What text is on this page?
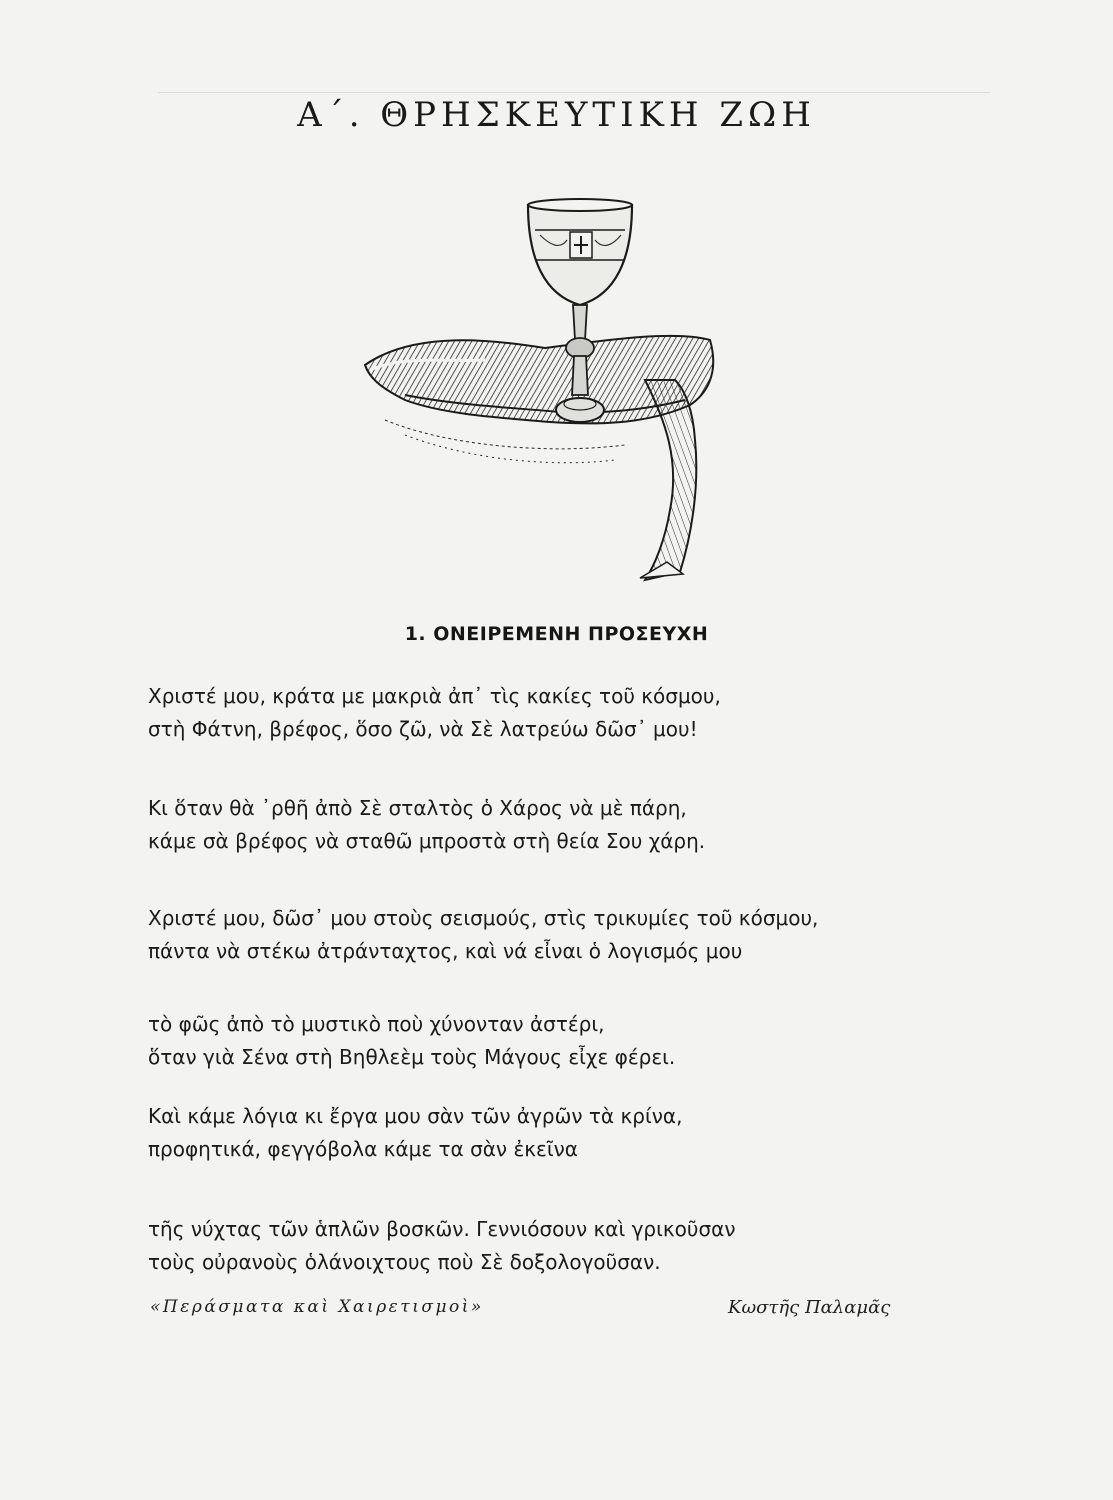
Α΄. ΘΡΗΣΚΕΥΤΙΚΗ ΖΩΗ
1. ΟΝΕΙΡΕΜΕΝΗ ΠΡΟΣΕΥΧΗ
Χριστέ μου, κράτα με μακριὰ ἀπ᾿ τὶς κακίες τοῦ κόσμου,
στὴ Φάτνη, βρέφος, ὅσο ζῶ, νὰ Σὲ λατρεύω δῶσ᾿ μου!
Κι ὅταν θὰ ᾿ρθῆ ἀπὸ Σὲ σταλτὸς ὁ Χάρος νὰ μὲ πάρη,
κάμε σὰ βρέφος νὰ σταθῶ μπροστὰ στὴ θεία Σου χάρη.
Χριστέ μου, δῶσ᾿ μου στοὺς σεισμούς, στὶς τρικυμίες τοῦ κόσμου,
πάντα νὰ στέκω ἀτράνταχτος, καὶ νά εἶναι ὁ λογισμός μου
τὸ φῶς ἀπὸ τὸ μυστικὸ ποὺ χύνονταν ἀστέρι,
ὅταν γιὰ Σένα στὴ Βηθλεὲμ τοὺς Μάγους εἶχε φέρει.
Καὶ κάμε λόγια κι ἔργα μου σὰν τῶν ἀγρῶν τὰ κρίνα,
προφητικά, φεγγόβολα κάμε τα σὰν ἐκεῖνα
τῆς νύχτας τῶν ἁπλῶν βοσκῶν. Γεννιόσουν καὶ γρικοῦσαν
τοὺς οὐρανοὺς ὁλάνοιχτους ποὺ Σὲ δοξολογοῦσαν.
«Περάσματα καὶ Χαιρετισμοὶ»	Κωστῆς Παλαμᾶς
